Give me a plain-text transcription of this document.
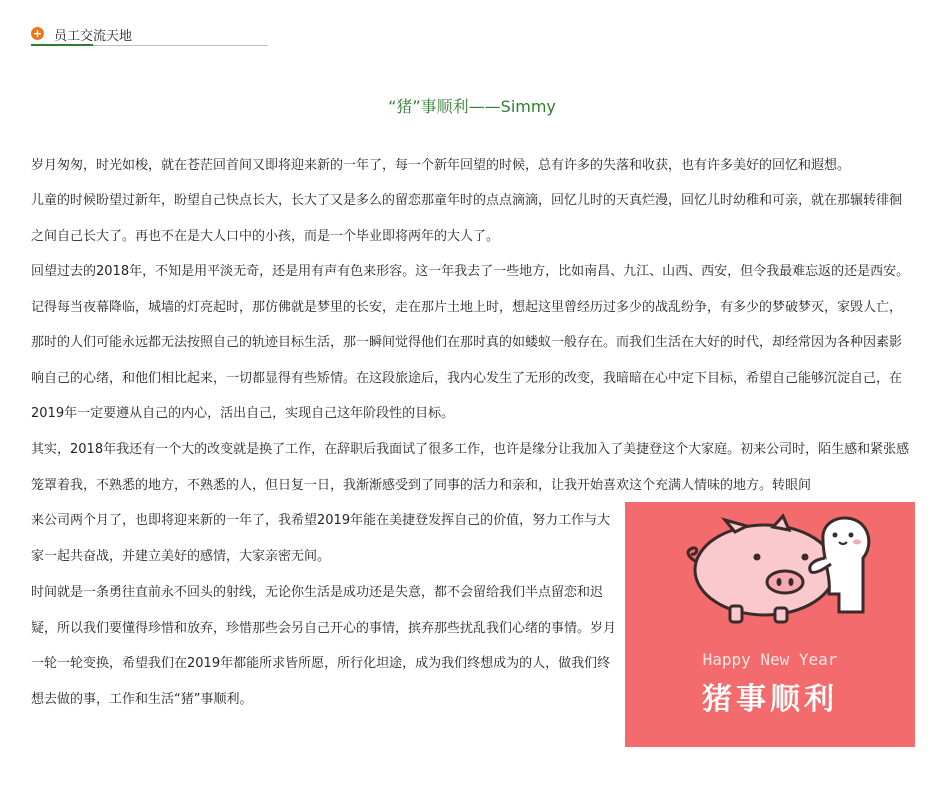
+ 员工交流天地
“猪”事顺利——Simmy

岁月匆匆，时光如梭，就在苍茫回首间又即将迎来新的一年了，每一个新年回望的时候，总有许多的失落和收获，也有许多美好的回忆和遐想。

儿童的时候盼望过新年，盼望自己快点长大，长大了又是多么的留恋那童年时的点点滴滴，回忆儿时的天真烂漫，回忆儿时幼稚和可亲，就在那辗转徘徊之间自己长大了。再也不在是大人口中的小孩，而是一个毕业即将两年的大人了。

回望过去的2018年，不知是用平淡无奇，还是用有声有色来形容。这一年我去了一些地方，比如南昌、九江、山西、西安，但令我最难忘返的还是西安。记得每当夜幕降临，城墙的灯亮起时，那仿佛就是梦里的长安，走在那片土地上时，想起这里曾经历过多少的战乱纷争，有多少的梦破梦灭，家毁人亡，那时的人们可能永远都无法按照自己的轨迹目标生活，那一瞬间觉得他们在那时真的如蝼蚁一般存在。而我们生活在大好的时代，却经常因为各种因素影响自己的心绪，和他们相比起来，一切都显得有些矫情。在这段旅途后，我内心发生了无形的改变，我暗暗在心中定下目标，希望自己能够沉淀自己，在2019年一定要遵从自己的内心，活出自己，实现自己这年阶段性的目标。

其实，2018年我还有一个大的改变就是换了工作，在辞职后我面试了很多工作，也许是缘分让我加入了美捷登这个大家庭。初来公司时，陌生感和紧张感笼罩着我，不熟悉的地方，不熟悉的人，但日复一日，我渐渐感受到了同事的活力和亲和，让我开始喜欢这个充满人情味的地方。转眼间

来公司两个月了，也即将迎来新的一年了，我希望2019年能在美捷登发挥自己的价值，努力工作与大家一起共奋战，并建立美好的感情，大家亲密无间。

时间就是一条勇往直前永不回头的射线，无论你生活是成功还是失意，都不会留给我们半点留恋和迟疑，所以我们要懂得珍惜和放弃，珍惜那些会另自己开心的事情，摈弃那些扰乱我们心绪的事情。岁月一轮一轮变换，希望我们在2019年都能所求皆所愿，所行化坦途，成为我们终想成为的人，做我们终想去做的事，工作和生活“猪”事顺利。

Happy New Year
猪事顺利
